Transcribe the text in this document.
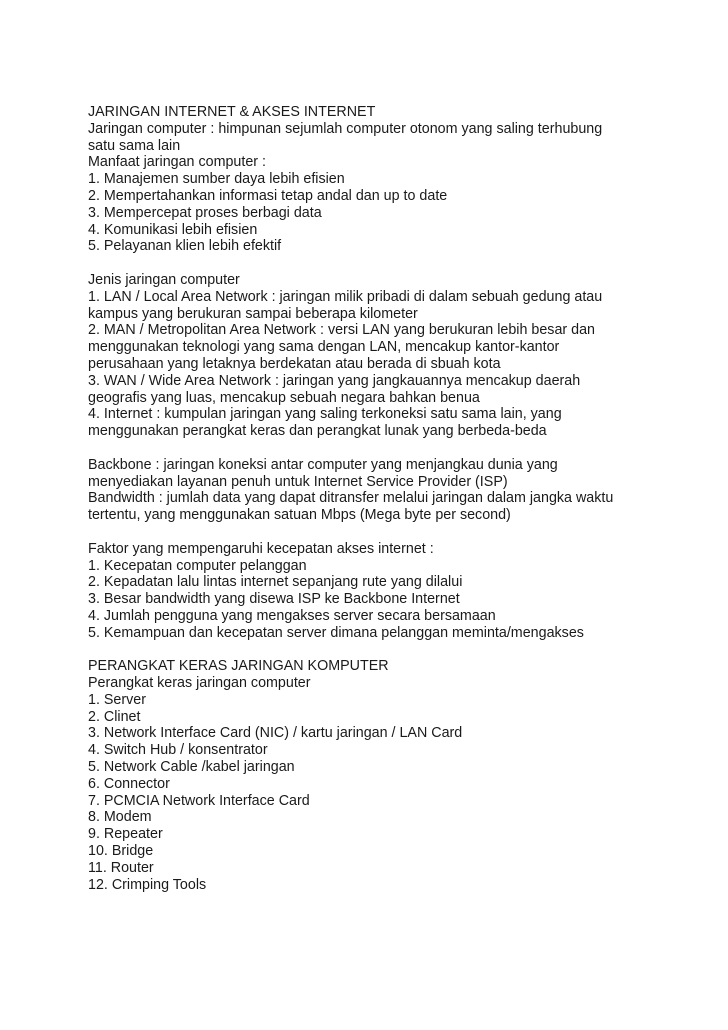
JARINGAN INTERNET & AKSES INTERNET
Jaringan computer : himpunan sejumlah computer otonom yang saling terhubung
satu sama lain
Manfaat jaringan computer :
1. Manajemen sumber daya lebih efisien
2. Mempertahankan informasi tetap andal dan up to date
3. Mempercepat proses berbagi data
4. Komunikasi lebih efisien
5. Pelayanan klien lebih efektif
Jenis jaringan computer
1. LAN / Local Area Network : jaringan milik pribadi di dalam sebuah gedung atau
kampus yang berukuran sampai beberapa kilometer
2. MAN / Metropolitan Area Network : versi LAN yang berukuran lebih besar dan
menggunakan teknologi yang sama dengan LAN, mencakup kantor-kantor
perusahaan yang letaknya berdekatan atau berada di sbuah kota
3. WAN / Wide Area Network : jaringan yang jangkauannya mencakup daerah
geografis yang luas, mencakup sebuah negara bahkan benua
4. Internet : kumpulan jaringan yang saling terkoneksi satu sama lain, yang
menggunakan perangkat keras dan perangkat lunak yang berbeda-beda
Backbone : jaringan koneksi antar computer yang menjangkau dunia yang
menyediakan layanan penuh untuk Internet Service Provider (ISP)
Bandwidth : jumlah data yang dapat ditransfer melalui jaringan dalam jangka waktu
tertentu, yang menggunakan satuan Mbps (Mega byte per second)
Faktor yang mempengaruhi kecepatan akses internet :
1. Kecepatan computer pelanggan
2. Kepadatan lalu lintas internet sepanjang rute yang dilalui
3. Besar bandwidth yang disewa ISP ke Backbone Internet
4. Jumlah pengguna yang mengakses server secara bersamaan
5. Kemampuan dan kecepatan server dimana pelanggan meminta/mengakses
PERANGKAT KERAS JARINGAN KOMPUTER
Perangkat keras jaringan computer
1. Server
2. Clinet
3. Network Interface Card (NIC) / kartu jaringan / LAN Card
4. Switch Hub / konsentrator
5. Network Cable /kabel jaringan
6. Connector
7. PCMCIA Network Interface Card
8. Modem
9. Repeater
10. Bridge
11. Router
12. Crimping Tools
